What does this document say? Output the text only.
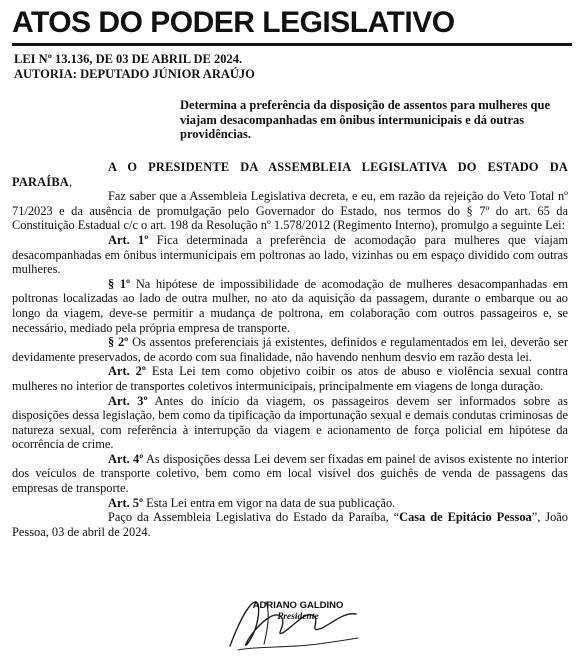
ATOS DO PODER LEGISLATIVO
LEI Nº 13.136, DE 03 DE ABRIL DE 2024.
AUTORIA: DEPUTADO JÚNIOR ARAÚJO
Determina a preferência da disposição de assentos para mulheres que viajam desacompanhadas em ônibus intermunicipais e dá outras providências.

A O PRESIDENTE DA ASSEMBLEIA LEGISLATIVA DO ESTADO DA PARAÍBA,

Faz saber que a Assembleia Legislativa decreta, e eu, em razão da rejeição do Veto Total nº 71/2023 e da ausência de promulgação pelo Governador do Estado, nos termos do § 7º do art. 65 da Constituição Estadual c/c o art. 198 da Resolução nº 1.578/2012 (Regimento Interno), promulgo a seguinte Lei:

Art. 1º Fica determinada a preferência de acomodação para mulheres que viajam desacompanhadas em ônibus intermunicipais em poltronas ao lado, vizinhas ou em espaço dividido com outras mulheres.

§ 1º Na hipótese de impossibilidade de acomodação de mulheres desacompanhadas em poltronas localizadas ao lado de outra mulher, no ato da aquisição da passagem, durante o embarque ou ao longo da viagem, deve-se permitir a mudança de poltrona, em colaboração com outros passageiros e, se necessário, mediado pela própria empresa de transporte.

§ 2º Os assentos preferenciais já existentes, definidos e regulamentados em lei, deverão ser devidamente preservados, de acordo com sua finalidade, não havendo nenhum desvio em razão desta lei.

Art. 2º Esta Lei tem como objetivo coibir os atos de abuso e violência sexual contra mulheres no interior de transportes coletivos intermunicipais, principalmente em viagens de longa duração.

Art. 3º Antes do início da viagem, os passageiros devem ser informados sobre as disposições dessa legislação, bem como da tipificação da importunação sexual e demais condutas criminosas de natureza sexual, com referência à interrupção da viagem e acionamento de força policial em hipótese da ocorrência de crime.

Art. 4º As disposições dessa Lei devem ser fixadas em painel de avisos existente no interior dos veículos de transporte coletivo, bem como em local visível dos guichês de venda de passagens das empresas de transporte.

Art. 5º Esta Lei entra em vigor na data de sua publicação.

Paço da Assembleia Legislativa do Estado da Paraíba, “Casa de Epitácio Pessoa”, João Pessoa, 03 de abril de 2024.

ADRIANO GALDINO
Presidente
